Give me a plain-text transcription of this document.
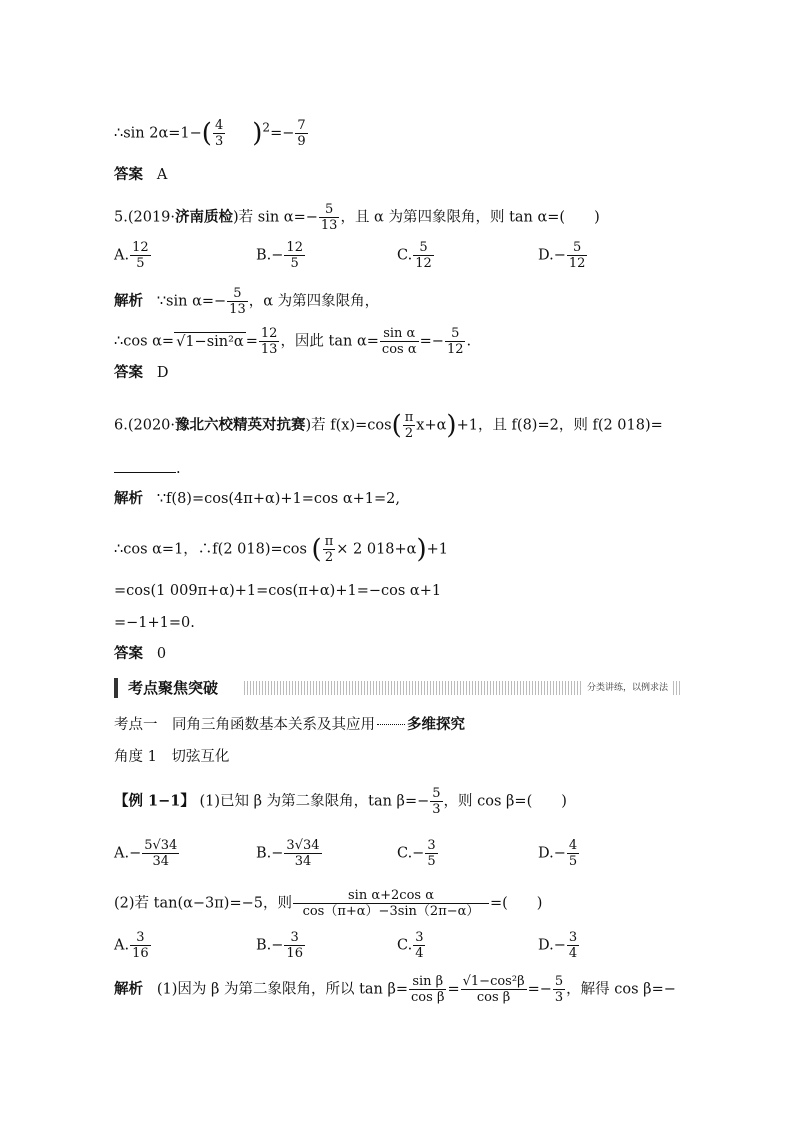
∴sin $2\alpha=1-( \frac{4}{3} )^2=- \frac{7}{9}$
答案 A
5.(2019·济南质检)若 $\sin \alpha=- \frac{5}{13}$ ，且 α 为第四象限角，则 tan α=(　　)
A. $\frac{12}{5}$	$B.- \frac{12}{5}$	C. $\frac{5}{12}$	$D.- \frac{5}{12}$
解析 ∵sin $\alpha=- \frac{5}{13}$ ，α 为第四象限角，
∴cos $\alpha= √1-\sin^2\alpha = \frac{12}{13}$ ，因此 $\tan \alpha= \frac{\text{sin α}}{\text{cos α}} =- \frac{5}{12}$ .
答案 D
6.(2020·豫北六校精英对抗赛)若 $f(x)=\cos( \frac{\pi}{2} x+\alpha)+1$，且 f(8)=2，则 f(2 018)=
.
解析 ∵f(8)=cos(4π+α)+1=cos α+1=2,
∴cos α=1，∴f(2 018)=cos ( $\frac{\pi}{2} \times 2$ 018+α)+1
=cos(1 009π+α)+1=cos(π+α)+1=−cos α+1
=−1+1=0.
答案 0
考点聚焦突破	分类讲练，以例求法
考点一　同角三角函数基本关系及其应用 多维探究
角度 1　切弦互化
【例 1−1】 (1)已知 β 为第二象限角，$\tan \beta=- \frac{5}{3}$ ，则 cos β=(　　)
$A.- \frac{5√34}{34}$	$B.- \frac{3√34}{34}$	$C.- \frac{3}{5}$	$D.- \frac{4}{5}$
(2)若 tan(α−3π)=−5，则 $\frac{\text{sin α+2cos α}}{\cos(\pi+\alpha)-3\sin(2\pi-\alpha)}$ =(　　)
A. $\frac{3}{16}$	$B.- \frac{3}{16}$	C. $\frac{3}{4}$	$D.- \frac{3}{4}$
解析 (1)因为 β 为第二象限角，所以 $\tan \beta= \frac{\text{sin β}}{\text{cos β}} = \frac{\text{√1−cos²β}}{\text{cos β}} =- \frac{5}{3}$ ，解得 cos β=−
